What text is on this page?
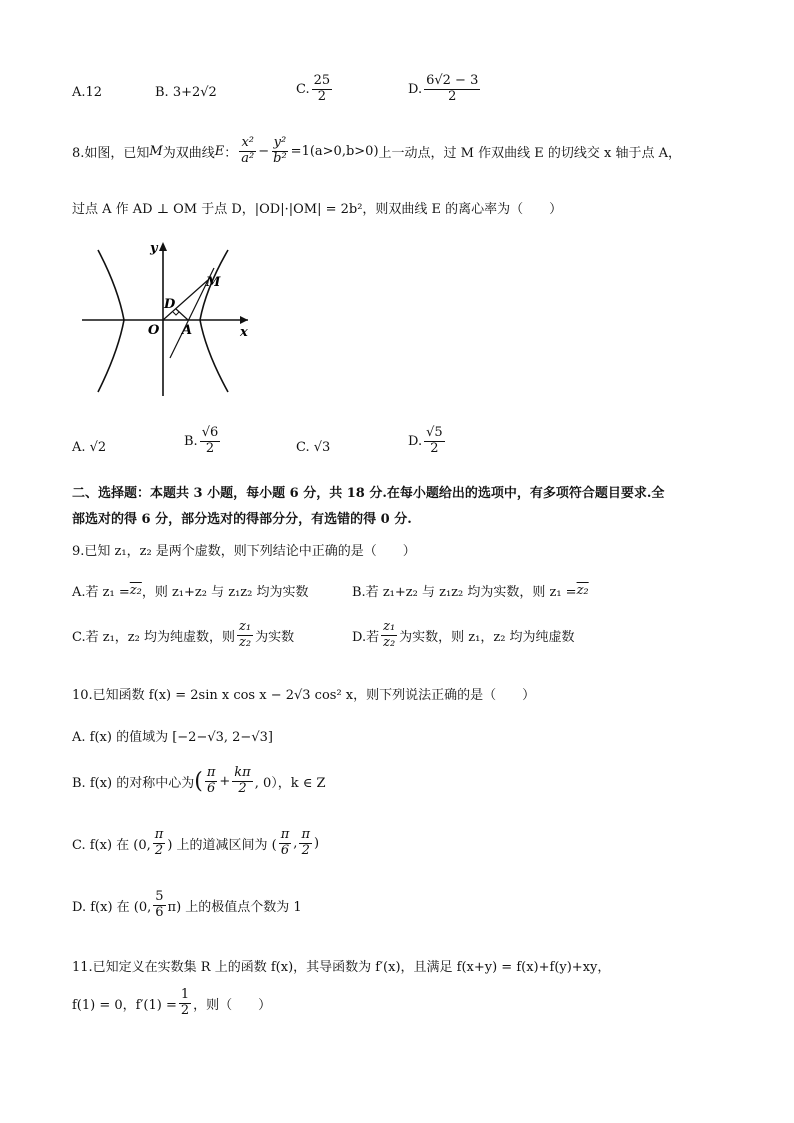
A.12	B. 3+2√2	C. $\frac{25}{2}$	D. $\frac{6√2 - 3}{2}$
8.如图，已知 M 为双曲线 E ： $\frac{\text{x²}}{\text{a²}} - \frac{\text{y²}}{\text{b²}} =1(a>0,b>0)$ 上一动点，过 M 作双曲线 E 的切线交 x 轴于点 A，
过点 A 作 AD ⊥ OM 于点 D，|OD|·|OM| = 2b²，则双曲线 E 的离心率为（　　）
y
x
O
D
A
M
A. √2	B. $\frac{√6}{2}$	C. √3	D. $\frac{√5}{2}$
二、选择题：本题共 3 小题，每小题 6 分，共 18 分.在每小题给出的选项中，有多项符合题目要求.全
部选对的得 6 分，部分选对的得部分分，有选错的得 0 分.
9.已知 z₁，z₂ 是两个虚数，则下列结论中正确的是（　　）
A.若 z₁ = z₂ ，则 z₁+z₂ 与 z₁z₂ 均为实数	B.若 z₁+z₂ 与 z₁z₂ 均为实数，则 z₁ = z₂
C.若 z₁，z₂ 均为纯虚数，则 $\frac{\text{z₁}}{\text{z₂}}$ 为实数	D.若 $\frac{\text{z₁}}{\text{z₂}}$ 为实数，则 z₁，z₂ 均为纯虚数
10.已知函数 f(x) = 2sin x cos x − 2√3 cos² x，则下列说法正确的是（　　）
A. f(x) 的值域为 [−2−√3, 2−√3]
B. f(x) 的对称中心为 ( $\frac{\pi}{6} + \frac{k\pi}{2}$ , 0），k ∈ Z
C. f(x) 在 (0, $\frac{\pi}{2}$ ) 上的道减区间为 ( $\frac{\pi}{6}$ , $\frac{\pi}{2}$ )
D. f(x) 在 (0, $\frac{5}{6} \pi$) 上的极值点个数为 1
11.已知定义在实数集 R 上的函数 f(x)，其导函数为 f′(x)，且满足 f(x+y) = f(x)+f(y)+xy，
f(1) = 0，$f'(1) = \frac{1}{2}$ ，则（　　）
